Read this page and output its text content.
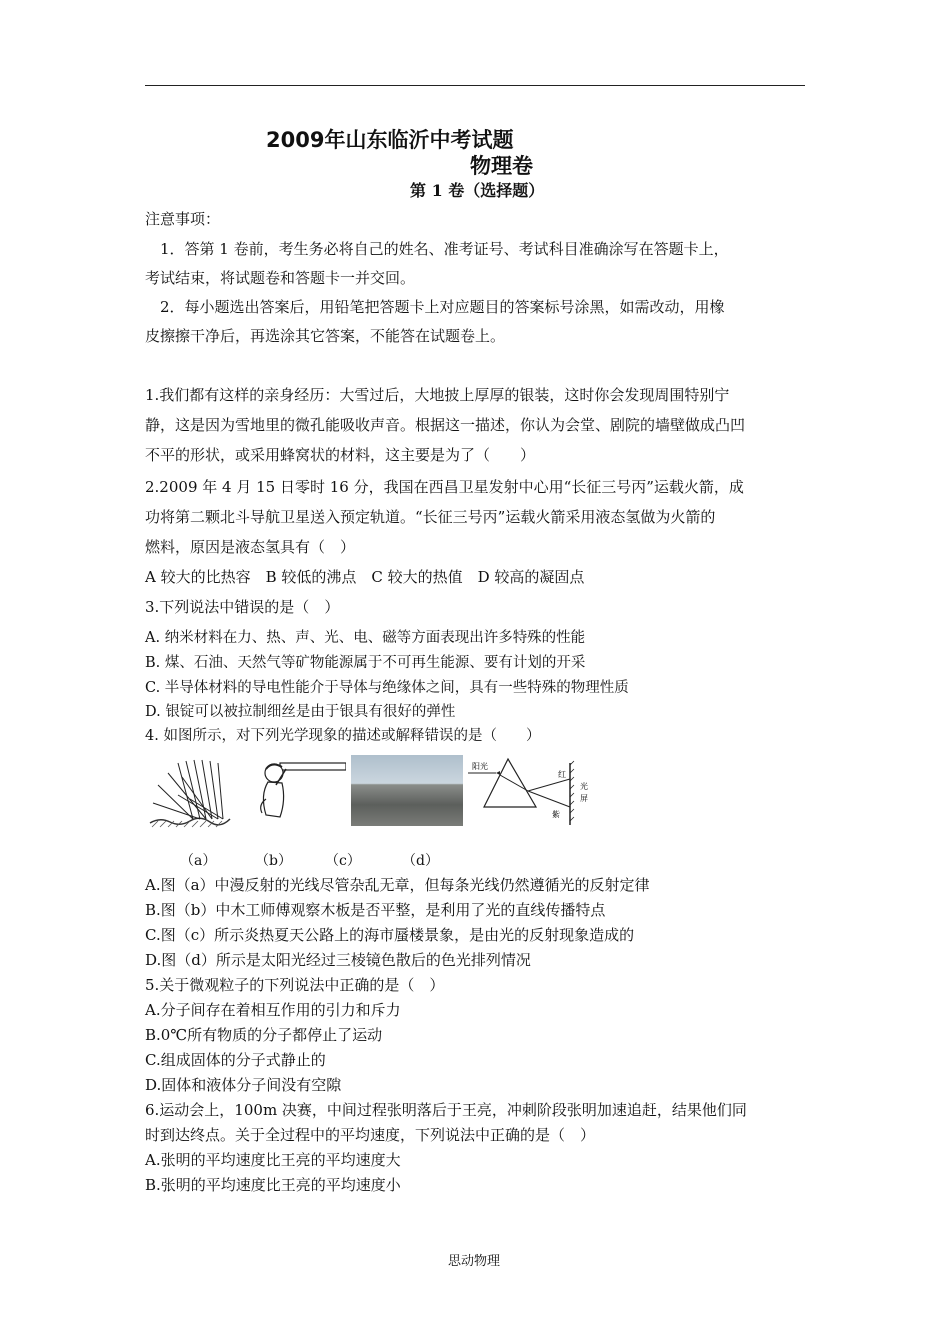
2009年山东临沂中考试题
物理卷
第 1 卷（选择题）
注意事项：
1．答第 1 卷前，考生务必将自己的姓名、准考证号、考试科目准确涂写在答题卡上，
考试结束，将试题卷和答题卡一并交回。
2．每小题选出答案后，用铅笔把答题卡上对应题目的答案标号涂黑，如需改动，用橡
皮擦擦干净后，再选涂其它答案，不能答在试题卷上。
1.我们都有这样的亲身经历：大雪过后，大地披上厚厚的银装，这时你会发现周围特别宁
静，这是因为雪地里的微孔能吸收声音。根据这一描述，你认为会堂、剧院的墙壁做成凸凹
不平的形状，或采用蜂窝状的材料，这主要是为了（　　）
2.2009 年 4 月 15 日零时 16 分，我国在西昌卫星发射中心用“长征三号丙”运载火箭，成
功将第二颗北斗导航卫星送入预定轨道。“长征三号丙”运载火箭采用液态氢做为火箭的
燃料，原因是液态氢具有（　）
A 较大的比热容　B 较低的沸点　C 较大的热值　D 较高的凝固点
3.下列说法中错误的是（　）
A. 纳米材料在力、热、声、光、电、磁等方面表现出许多特殊的性能
B. 煤、石油、天然气等矿物能源属于不可再生能源、要有计划的开采
C. 半导体材料的导电性能介于导体与绝缘体之间，具有一些特殊的物理性质
D. 银锭可以被拉制细丝是由于银具有很好的弹性
4. 如图所示，对下列光学现象的描述或解释错误的是（　　）
阳光
红
紫
光
屏
（a）	（b） （c）	（d）
A.图（a）中漫反射的光线尽管杂乱无章，但每条光线仍然遵循光的反射定律
B.图（b）中木工师傅观察木板是否平整，是利用了光的直线传播特点
C.图（c）所示炎热夏天公路上的海市蜃楼景象，是由光的反射现象造成的
D.图（d）所示是太阳光经过三棱镜色散后的色光排列情况
5.关于微观粒子的下列说法中正确的是（　）
A.分子间存在着相互作用的引力和斥力
B.0℃所有物质的分子都停止了运动
C.组成固体的分子式静止的
D.固体和液体分子间没有空隙
6.运动会上，100m 决赛，中间过程张明落后于王亮，冲刺阶段张明加速追赶，结果他们同
时到达终点。关于全过程中的平均速度，下列说法中正确的是（　）
A.张明的平均速度比王亮的平均速度大
B.张明的平均速度比王亮的平均速度小
思动物理
